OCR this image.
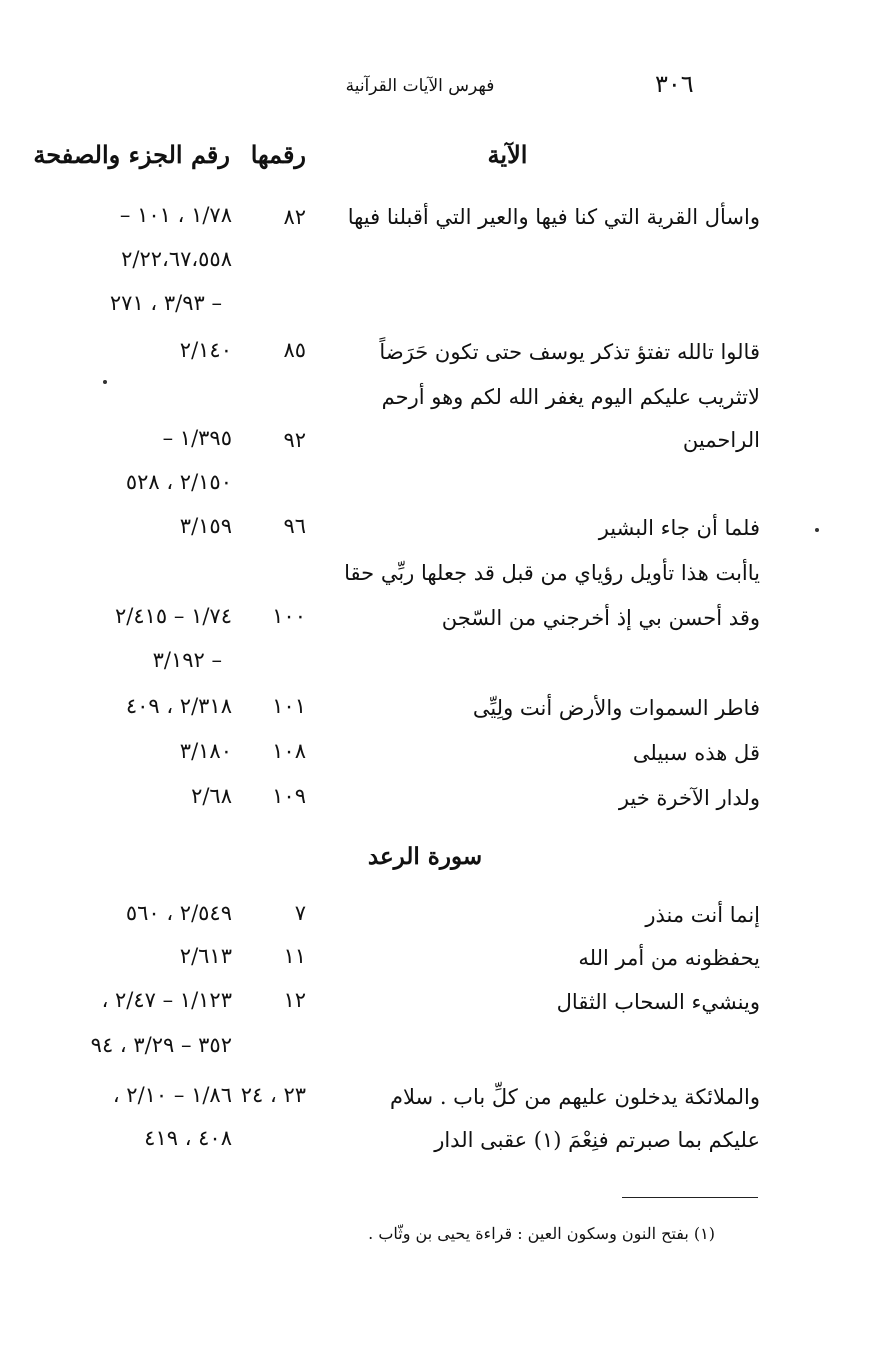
٣٠٦
فهرس الآيات القرآنية
الآية
رقمها
رقم الجزء والصفحة
واسأل القرية التي كنا فيها والعير التي أقبلنا فيها
٨٢
١/٧٨ ، ١٠١ –
٢/٢٢،٦٧،٥٥٨
– ٣/٩٣ ، ٢٧١
قالوا تالله تفتؤ تذكر يوسف حتى تكون حَرَضاً
٨٥
٢/١٤٠
لاتثريب عليكم اليوم يغفر الله لكم وهو أرحم
الراحمين
٩٢
١/٣٩٥ –
٢/١٥٠ ، ٥٢٨
فلما أن جاء البشير
٩٦
٣/١٥٩
ياأبت هذا تأويل رؤياي من قبل قد جعلها ربِّي حقا
وقد أحسن بي إذ أخرجني من السّجن
١٠٠
١/٧٤ – ٢/٤١٥
– ٣/١٩٢
فاطر السموات والأرض أنت ولِيِّى
١٠١
٢/٣١٨ ، ٤٠٩
قل هذه سبيلى
١٠٨
٣/١٨٠
ولدار الآخرة خير
١٠٩
٢/٦٨
سورة الرعد
إنما أنت منذر
٧
٢/٥٤٩ ، ٥٦٠
يحفظونه من أمر الله
١١
٢/٦١٣
وينشيء السحاب الثقال
١٢
١/١٢٣ – ٢/٤٧ ،
٣٥٢ – ٣/٢٩ ، ٩٤
والملائكة يدخلون عليهم من كلِّ باب . سلام
عليكم بما صبرتم فنِعْمَ (١) عقبى الدار
٢٣ ، ٢٤
١/٨٦ – ٢/١٠ ،
٤٠٨ ، ٤١٩
(١) بفتح النون وسكون العين : قراءة يحيى بن وثّاب .
